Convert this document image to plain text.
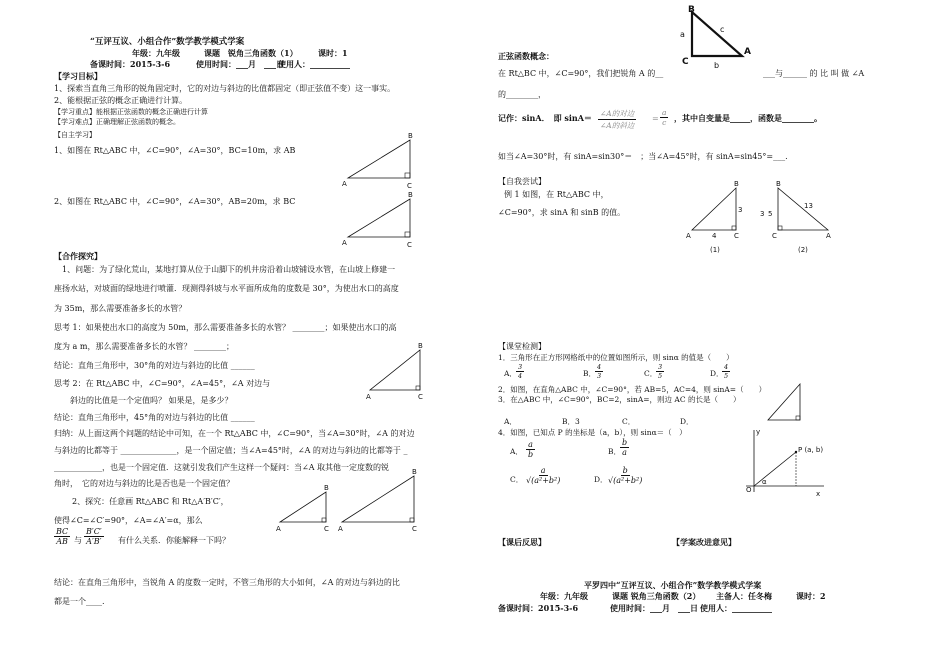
“互评互议、小组合作”数学教学模式学案
年级：九年级	课题 锐角三角函数（1）	课时：1
备课时间：2015-3-6	使用时间：___月　___日
使用人：__________
【学习目标】
1、探索当直角三角形的锐角固定时，它的对边与斜边的比值都固定（即正弦值不变）这一事实。
2、能根据正弦的概念正确进行计算。
【学习重点】能根据正弦函数的概念正确进行计算
【学习难点】正确理解正弦函数的概念。
【自主学习】
1、如图在 Rt△ABC 中，∠C=90°，∠A=30°，BC=10m，求 AB
2、如图在 Rt△ABC 中，∠C=90°，∠A=30°，AB=20m，求 BC
B
A	C
B
A	C
【合作探究】
1、问题：为了绿化荒山，某地打算从位于山脚下的机井房沿着山坡铺设水管，在山坡上修建一
座扬水站，对坡面的绿地进行喷灌．现测得斜坡与水平面所成角的度数是 30°，为使出水口的高度
为 35m，那么需要准备多长的水管？
思考 1：如果使出水口的高度为 50m，那么需要准备多长的水管？ ________；如果使出水口的高
度为 a m，那么需要准备多长的水管？ ________；
结论：直角三角形中，30°角的对边与斜边的比值 ______
思考 2：在 Rt△ABC 中，∠C=90°，∠A=45°，∠A 对边与
斜边的比值是一个定值吗？ 如果是，是多少？
B
A	C
结论：直角三角形中，45°角的对边与斜边的比值 ______
归纳：从上面这两个问题的结论中可知，在一个 Rt△ABC 中，∠C=90°，当∠A=30°时，∠A 的对边
与斜边的比都等于 ______________，是一个固定值；当∠A=45°时，∠A 的对边与斜边的比都等于 _
____________，也是一个固定值．这就引发我们产生这样一个疑问：当∠A 取其他一定度数的锐
角时，　它的对边与斜边的比是否也是一个固定值？
2、探究：任意画 Rt△ABC 和 Rt△A′B′C′，
使得∠C=∠C′=90°，∠A=∠A′=α，那么
$\frac{BC}{AB}$ 与 $\frac{B'C'}{A'B'}$ 有什么关系．你能解释一下吗？
B
A	C
B
A	C
结论：在直角三角形中，当锐角 A 的度数一定时，不管三角形的大小如何，∠A 的对边与斜边的比
都是一个____.
B
a
c
A
C	b
正弦函数概念：
在 Rt△BC 中，∠C=90°，我们把锐角 A 的__	___与______ 的 比 叫 做 ∠A
的________，
记作：sinA．　即 sinA＝ ∠A的对边
∠A的斜边
= $\frac{a}{c}$ ，其中自变量是_____，函数是________。
如当∠A=30°时，有 sinA=sin30°＝　；当∠A=45°时，有 sinA=sin45°=___.
【自我尝试】
例 1 如图，在 Rt△ABC 中，
∠C=90°，求 sinA 和 sinB 的值。
B
3
4
A	C
(1)
B
3 5
13
C	A
(2)
【课堂检测】
1．三角形在正方形网格纸中的位置如图所示，则 sinα 的值是（　　）
A． $\frac{3}{4}$	B．
$\frac{4}{3}$	C．
$\frac{3}{5}$	D．
$\frac{4}{5}$
2．如图，在直角△ABC 中，∠C=90°，若 AB=5，AC=4，则 sinA=（　　）
3．在△ABC 中，∠C=90°，BC=2，sinA=，则边 AC 的长是（　　）
A．	B．3	C．	D．
4．如图，已知点 P 的坐标是（a，b），则 sinα＝（　）
A． $\frac{a}{b}$	B．
$\frac{b}{a}$
C． $\frac{a}{\text{√(a²+b²)}}$	D．
$\frac{b}{\text{√(a²+b²)}}$
y
x
O
α
P (a, b)
【课后反思】	【学案改进意见】
平罗四中“互评互议、小组合作”数学教学模式学案
年级：九年级	课题 锐角三角函数（2） 主备人：任冬梅	课时：2
备课时间：2015-3-6	使用时间：___月　___日 使用人：__________
